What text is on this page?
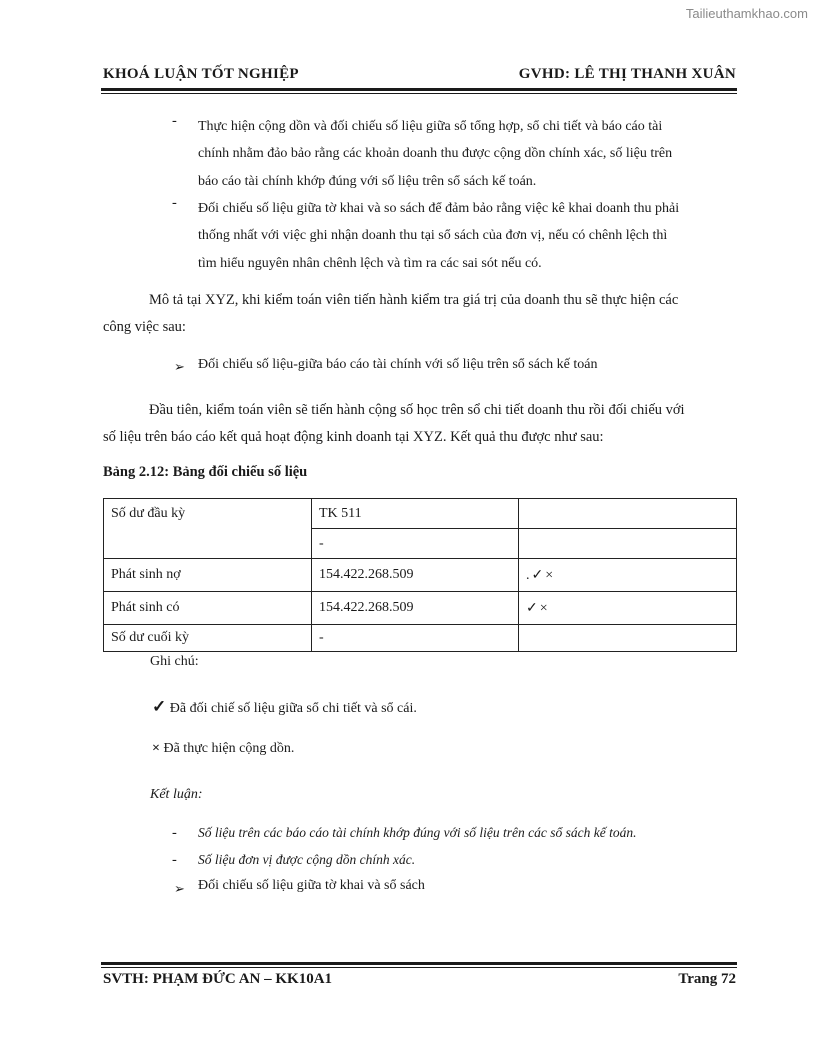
Tailieuthamkhao.com
KHOÁ LUẬN TỐT NGHIỆP	GVHD: LÊ THỊ THANH XUÂN
-	Thực hiện cộng dồn và đối chiếu số liệu giữa sổ tổng hợp, sổ chi tiết và báo cáo tài
chính nhằm đảo bảo rằng các khoản doanh thu được cộng dồn chính xác, số liệu trên
báo cáo tài chính khớp đúng với số liệu trên sổ sách kế toán.
-	Đối chiếu số liệu giữa tờ khai và so sách để đảm bảo rằng việc kê khai doanh thu phải
thống nhất với việc ghi nhận doanh thu tại sổ sách của đơn vị, nếu có chênh lệch thì
tìm hiểu nguyên nhân chênh lệch và tìm ra các sai sót nếu có.
Mô tả tại XYZ, khi kiểm toán viên tiến hành kiểm tra giá trị của doanh thu sẽ thực hiện các
công việc sau:
➢ Đối chiếu số liệu-giữa báo cáo tài chính với số liệu trên sổ sách kế toán
Đầu tiên, kiểm toán viên sẽ tiến hành cộng số học trên sổ chi tiết doanh thu rồi đối chiếu với
số liệu trên báo cáo kết quả hoạt động kinh doanh tại XYZ. Kết quả thu được như sau:
Bảng 2.12: Bảng đối chiếu số liệu
Số dư đầu kỳ	TK 511	
	-	
Phát sinh nợ	154.422.268.509	.✓×
Phát sinh có	154.422.268.509	✓×
Số dư cuối kỳ	-	
Ghi chú:
✓ Đã đối chiế số liệu giữa sổ chi tiết và sổ cái.
× Đã thực hiện cộng dồn.
Kết luận:
-	Số liệu trên các báo cáo tài chính khớp đúng với số liệu trên các sổ sách kế toán.
-	Số liệu đơn vị được cộng dồn chính xác.
➢ Đối chiếu số liệu giữa tờ khai và sổ sách
SVTH: PHẠM ĐỨC AN – KK10A1	Trang 72
